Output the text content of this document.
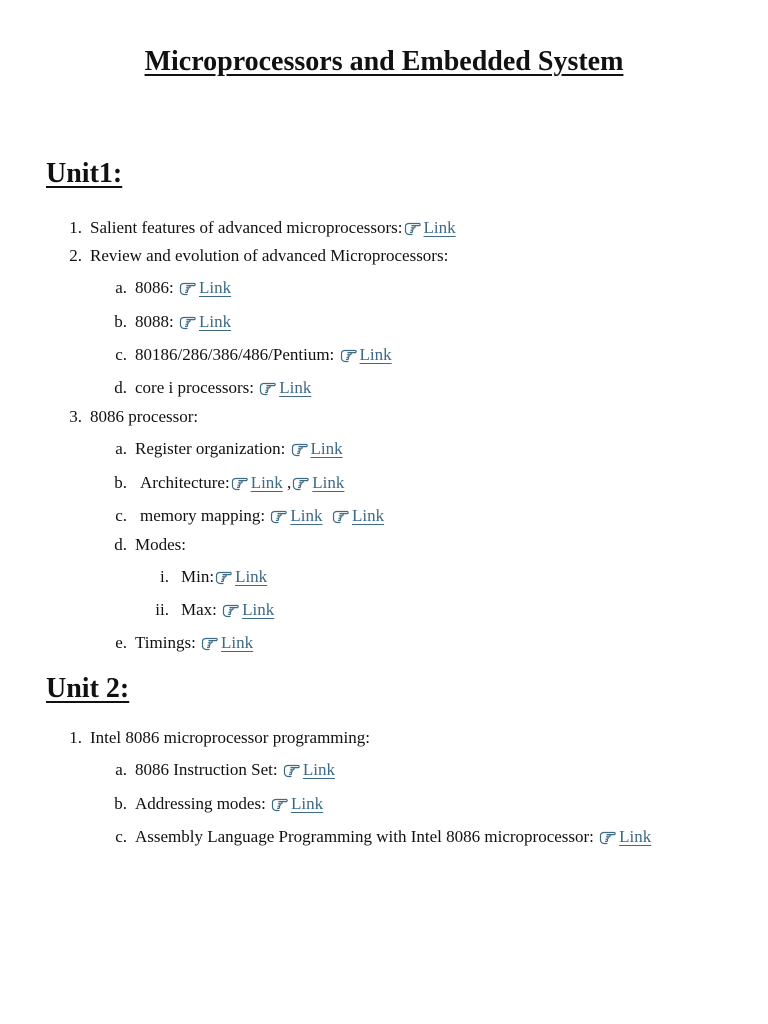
Microprocessors and Embedded System
Unit1:
1. Salient features of advanced microprocessors: Link
2. Review and evolution of advanced Microprocessors:
a. 8086: Link
b. 8088: Link
c. 80186/286/386/486/Pentium: Link
d. core i processors: Link
3. 8086 processor:
a. Register organization: Link
b. Architecture: Link , Link
c. memory mapping: Link Link
d. Modes:
i. Min: Link
ii. Max: Link
e. Timings: Link
Unit 2:
1. Intel 8086 microprocessor programming:
a. 8086 Instruction Set: Link
b. Addressing modes: Link
c. Assembly Language Programming with Intel 8086 microprocessor: Link
